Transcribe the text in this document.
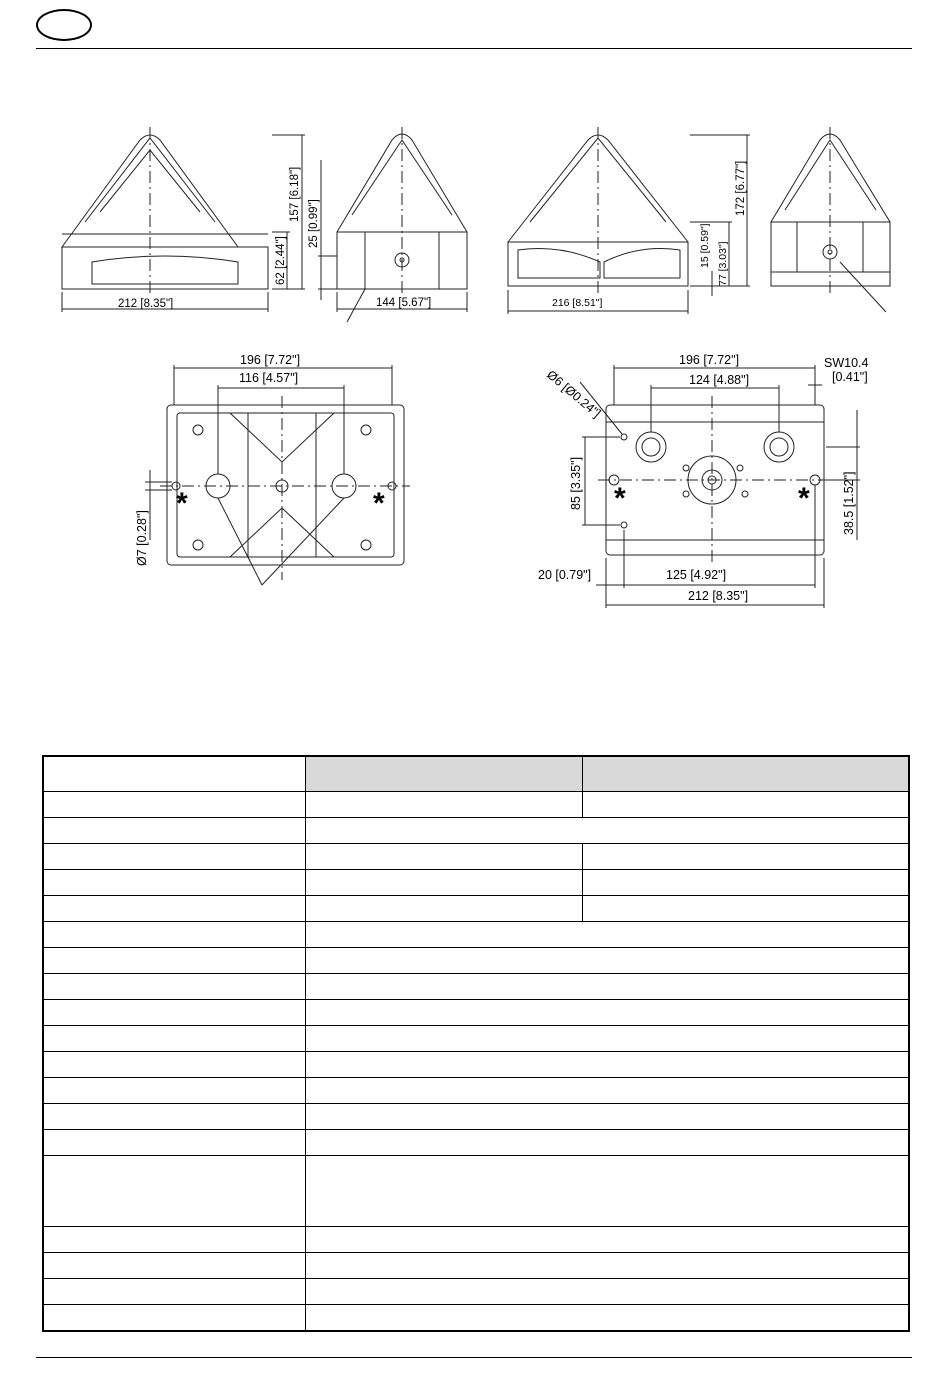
212 [8.35"]
157 [6.18"]
62 [2.44"]
25 [0.99"]
144 [5.67"]	216 [8.51"]
172 [6.77"]
15 [0.59"] 77 [3.03"]
196 [7.72"]
116 [4.57"]
Ø7 [0.28"]
196 [7.72"]
124 [4.88"]
SW10.4
[0.41"]
Ø6 [Ø0.24"]
85 [3.35"]	38.5 [1.52"]
20 [0.79"]	125 [4.92"]
212 [8.35"]
*	*	*	*
